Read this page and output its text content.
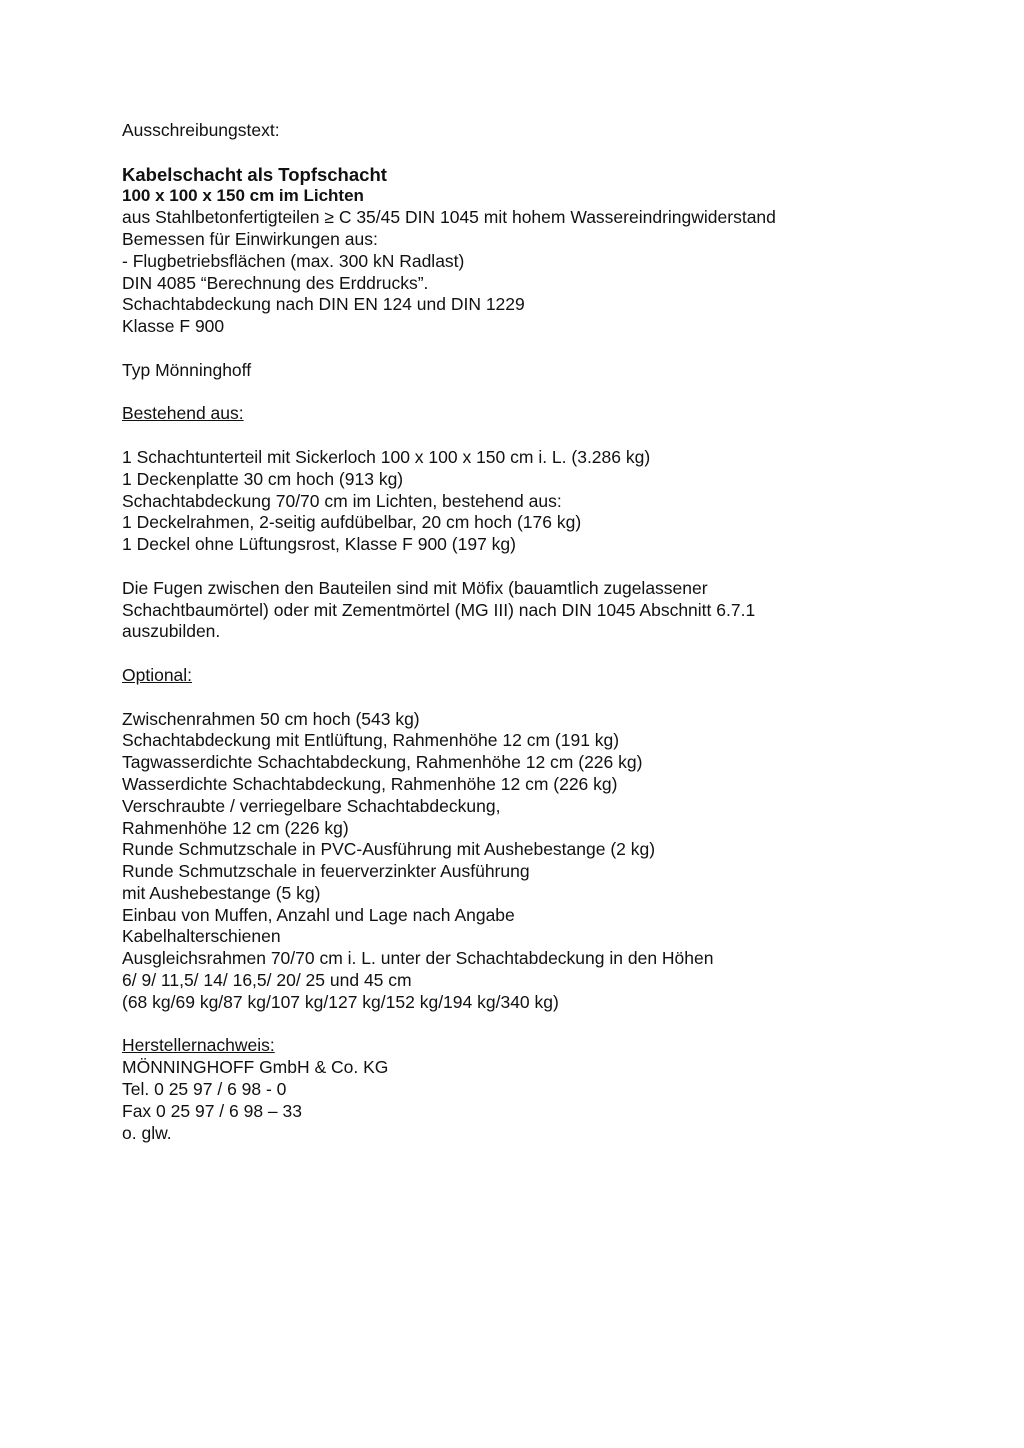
Ausschreibungstext:
Kabelschacht als Topfschacht
100 x 100 x 150 cm im Lichten
aus Stahlbetonfertigteilen ≥ C 35/45 DIN 1045 mit hohem Wassereindringwiderstand
Bemessen für Einwirkungen aus:
- Flugbetriebsflächen (max. 300 kN Radlast)
DIN 4085 “Berechnung des Erddrucks”.
Schachtabdeckung nach DIN EN 124 und DIN 1229
Klasse F 900
Typ Mönninghoff
Bestehend aus:
1 Schachtunterteil mit Sickerloch 100 x 100 x 150 cm i. L. (3.286 kg)
1 Deckenplatte 30 cm hoch (913 kg)
Schachtabdeckung 70/70 cm im Lichten, bestehend aus:
1 Deckelrahmen, 2-seitig aufdübelbar, 20 cm hoch (176 kg)
1 Deckel ohne Lüftungsrost, Klasse F 900 (197 kg)
Die Fugen zwischen den Bauteilen sind mit Möfix (bauamtlich zugelassener
Schachtbaumörtel) oder mit Zementmörtel (MG III) nach DIN 1045 Abschnitt 6.7.1
auszubilden.
Optional:
Zwischenrahmen 50 cm hoch (543 kg)
Schachtabdeckung mit Entlüftung, Rahmenhöhe 12 cm (191 kg)
Tagwasserdichte Schachtabdeckung, Rahmenhöhe 12 cm (226 kg)
Wasserdichte Schachtabdeckung, Rahmenhöhe 12 cm (226 kg)
Verschraubte / verriegelbare Schachtabdeckung,
Rahmenhöhe 12 cm (226 kg)
Runde Schmutzschale in PVC-Ausführung mit Aushebestange (2 kg)
Runde Schmutzschale in feuerverzinkter Ausführung
mit Aushebestange (5 kg)
Einbau von Muffen, Anzahl und Lage nach Angabe
Kabelhalterschienen
Ausgleichsrahmen 70/70 cm i. L. unter der Schachtabdeckung in den Höhen
6/ 9/ 11,5/ 14/ 16,5/ 20/ 25 und 45 cm
(68 kg/69 kg/87 kg/107 kg/127 kg/152 kg/194 kg/340 kg)
Herstellernachweis:
MÖNNINGHOFF GmbH & Co. KG
Tel. 0 25 97 / 6 98 - 0
Fax 0 25 97 / 6 98 – 33
o. glw.
